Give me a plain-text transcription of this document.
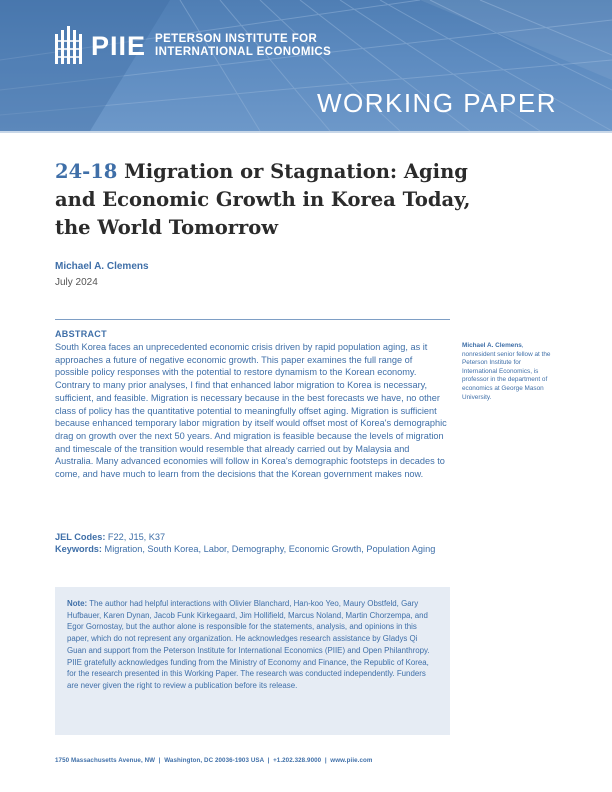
PIIE PETERSON INSTITUTE FOR
INTERNATIONAL ECONOMICS
WORKING PAPER
24-18 Migration or Stagnation: Aging and Economic Growth in Korea Today, the World Tomorrow
Michael A. Clemens
July 2024
ABSTRACT

South Korea faces an unprecedented economic crisis driven by rapid population aging, as it approaches a future of negative economic growth. This paper examines the full range of possible policy responses with the potential to restore dynamism to the Korean economy. Contrary to many prior analyses, I find that enhanced labor migration to Korea is necessary, sufficient, and feasible. Migration is necessary because in the best forecasts we have, no other class of policy has the quantitative potential to meaningfully offset aging. Migration is sufficient because enhanced temporary labor migration by itself would offset most of Korea's demographic drag on growth over the next 50 years. And migration is feasible because the levels of migration and timescale of the transition would resemble that already carried out by Malaysia and Australia. Many advanced economies will follow in Korea's demographic footsteps in decades to come, and have much to learn from the decisions that the Korean government makes now.

Michael A. Clemens, nonresident senior fellow at the Peterson Institute for International Economics, is professor in the department of economics at George Mason University.
JEL Codes: F22, J15, K37
Keywords: Migration, South Korea, Labor, Demography, Economic Growth, Population Aging
Note: The author had helpful interactions with Olivier Blanchard, Han-koo Yeo, Maury Obstfeld, Gary Hufbauer, Karen Dynan, Jacob Funk Kirkegaard, Jim Hollifield, Marcus Noland, Martin Chorzempa, and Egor Gornostay, but the author alone is responsible for the statements, analysis, and opinions in this paper, which do not represent any organization. He acknowledges research assistance by Gladys Qi Guan and support from the Peterson Institute for International Economics (PIIE) and Open Philanthropy. PIIE gratefully acknowledges funding from the Ministry of Economy and Finance, the Republic of Korea, for the research presented in this Working Paper. The research was conducted independently. Funders are never given the right to review a publication before its release.
1750 Massachusetts Avenue, NW  |  Washington, DC 20036-1903 USA  |  +1.202.328.9000  |  www.piie.com
